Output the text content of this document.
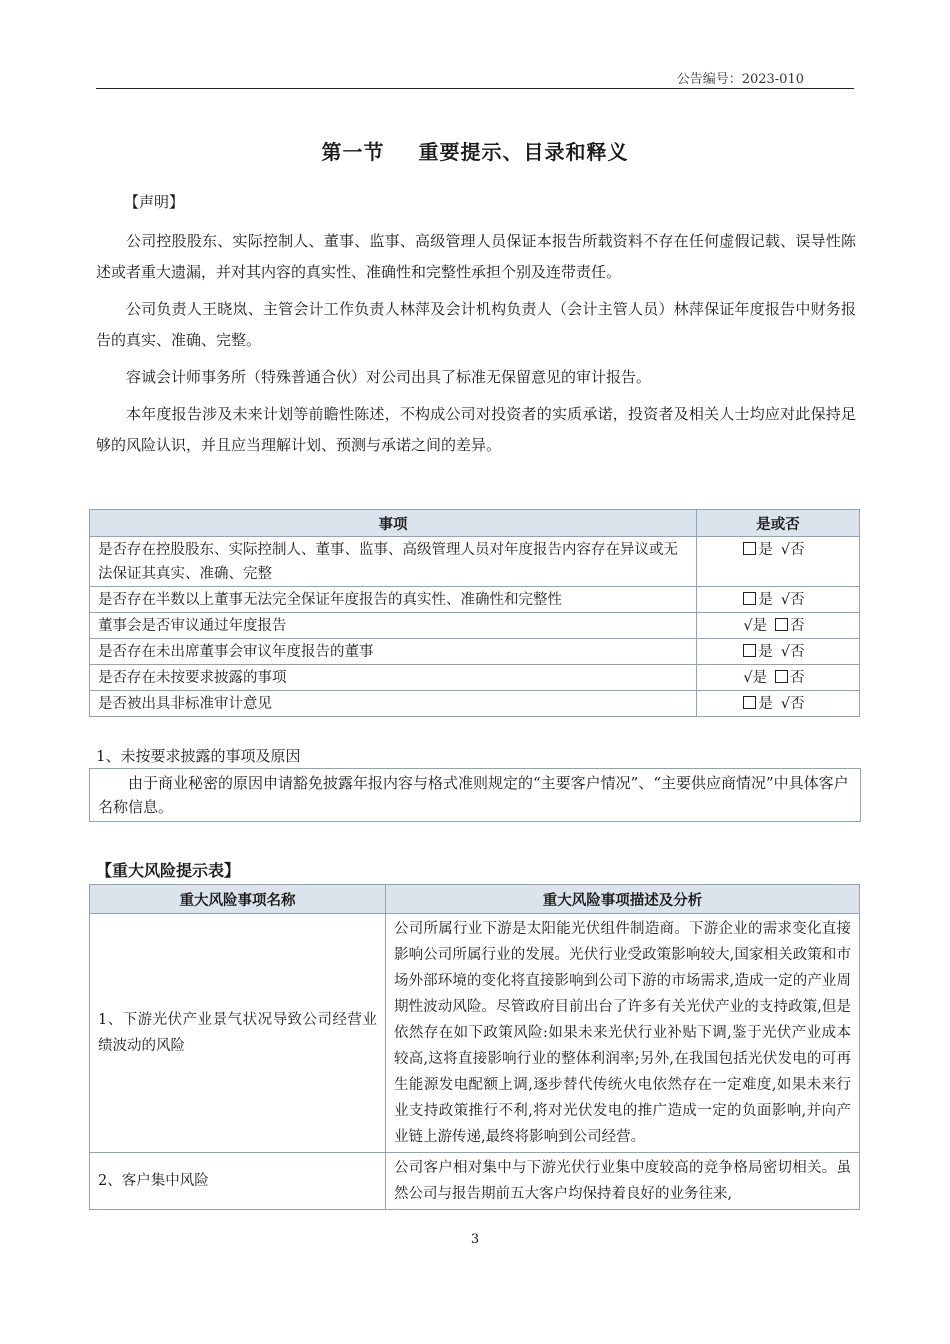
公告编号：2023-010
第一节 重要提示、目录和释义
【声明】

公司控股股东、实际控制人、董事、监事、高级管理人员保证本报告所载资料不存在任何虚假记载、误导性陈述或者重大遗漏，并对其内容的真实性、准确性和完整性承担个别及连带责任。

公司负责人王晓岚、主管会计工作负责人林萍及会计机构负责人（会计主管人员）林萍保证年度报告中财务报告的真实、准确、完整。

容诚会计师事务所（特殊普通合伙）对公司出具了标准无保留意见的审计报告。

本年度报告涉及未来计划等前瞻性陈述，不构成公司对投资者的实质承诺，投资者及相关人士均应对此保持足够的风险认识，并且应当理解计划、预测与承诺之间的差异。

事项	是或否
是否存在控股股东、实际控制人、董事、监事、高级管理人员对年度报告内容存在异议或无法保证其真实、准确、完整	是 √否
是否存在半数以上董事无法完全保证年度报告的真实性、准确性和完整性	是 √否
董事会是否审议通过年度报告	√是 否
是否存在未出席董事会审议年度报告的董事	是 √否
是否存在未按要求披露的事项	√是 否
是否被出具非标准审计意见	是 √否
1、未按要求披露的事项及原因

由于商业秘密的原因申请豁免披露年报内容与格式准则规定的“主要客户情况”、“主要供应商情况”中具体客户名称信息。

【重大风险提示表】
重大风险事项名称	重大风险事项描述及分析
1、下游光伏产业景气状况导致公司经营业绩波动的风险	公司所属行业下游是太阳能光伏组件制造商。下游企业的需求变化直接影响公司所属行业的发展。光伏行业受政策影响较大,国家相关政策和市场外部环境的变化将直接影响到公司下游的市场需求,造成一定的产业周期性波动风险。尽管政府目前出台了许多有关光伏产业的支持政策,但是依然存在如下政策风险:如果未来光伏行业补贴下调,鉴于光伏产业成本较高,这将直接影响行业的整体利润率;另外,在我国包括光伏发电的可再生能源发电配额上调,逐步替代传统火电依然存在一定难度,如果未来行业支持政策推行不利,将对光伏发电的推广造成一定的负面影响,并向产业链上游传递,最终将影响到公司经营。
2、客户集中风险	公司客户相对集中与下游光伏行业集中度较高的竞争格局密切相关。虽然公司与报告期前五大客户均保持着良好的业务往来,
3
